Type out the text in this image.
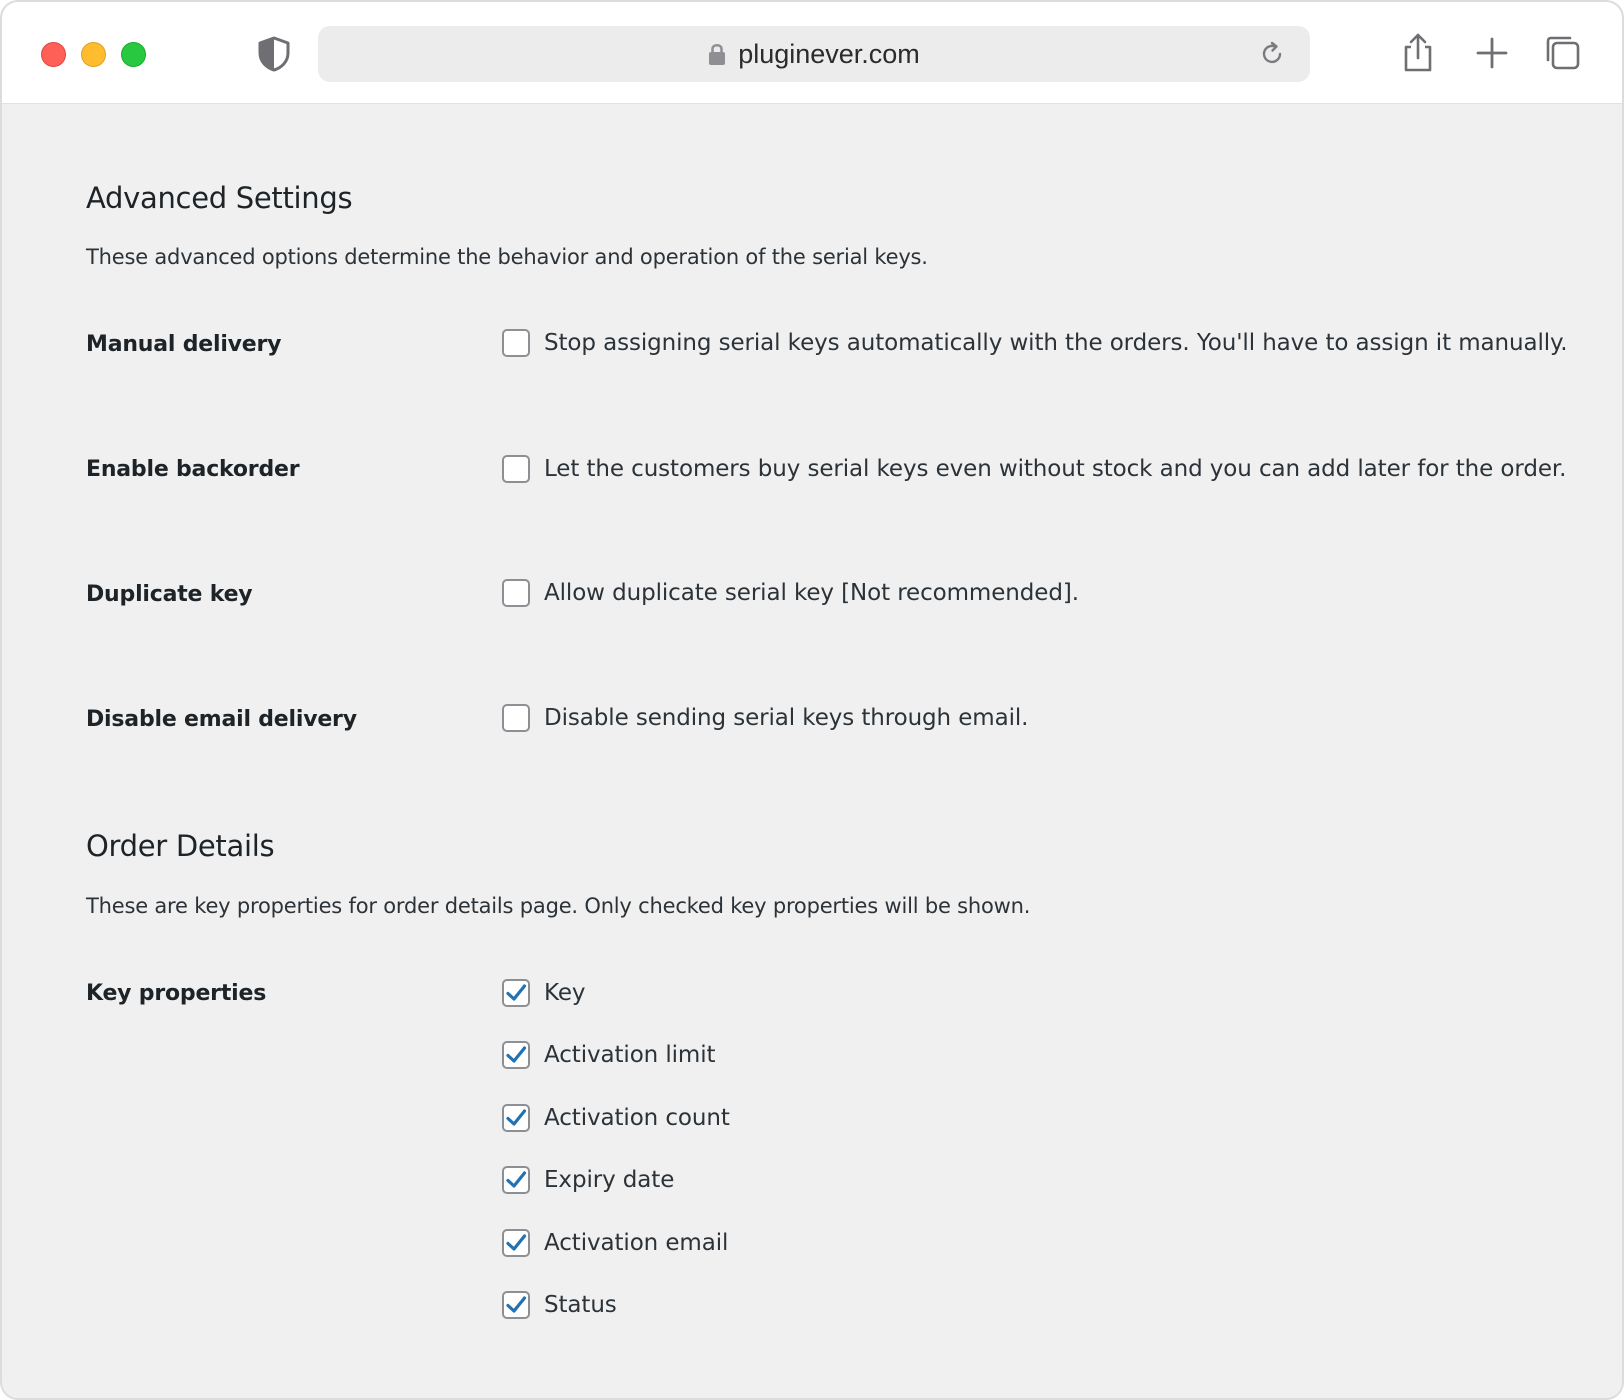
pluginever.com
Advanced Settings

These advanced options determine the behavior and operation of the serial keys.

Manual delivery	Stop assigning serial keys automatically with the orders. You'll have to assign it manually.
Enable backorder	Let the customers buy serial keys even without stock and you can add later for the order.
Duplicate key	Allow duplicate serial key [Not recommended].
Disable email delivery	Disable sending serial keys through email.
Order Details

These are key properties for order details page. Only checked key properties will be shown.

Key properties	Key
Activation limit
Activation count
Expiry date
Activation email
Status
